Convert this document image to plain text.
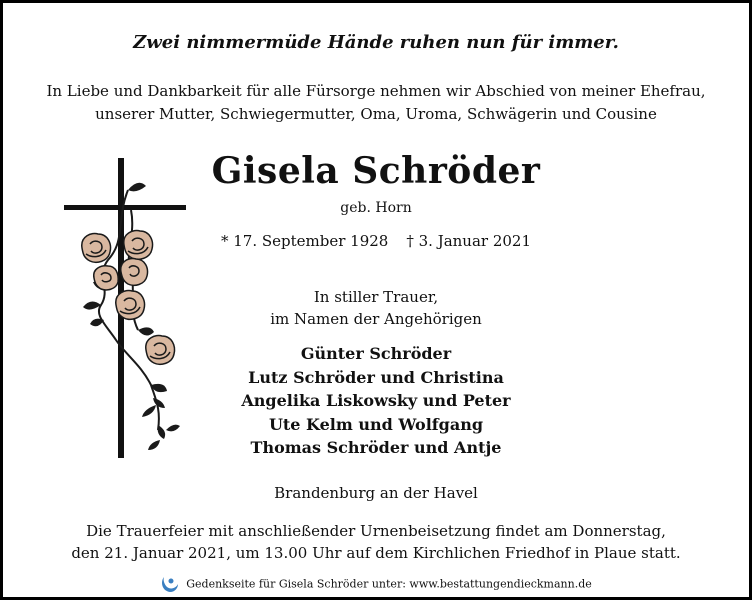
Zwei nimmermüde Hände ruhen nun für immer.
In Liebe und Dankbarkeit für alle Fürsorge nehmen wir Abschied von meiner Ehefrau,
unserer Mutter, Schwiegermutter, Oma, Uroma, Schwägerin und Cousine
Gisela Schröder
geb. Horn
* 17. September 1928 † 3. Januar 2021
In stiller Trauer,
im Namen der Angehörigen
Günter Schröder
Lutz Schröder und Christina
Angelika Liskowsky und Peter
Ute Kelm und Wolfgang
Thomas Schröder und Antje
Brandenburg an der Havel
Die Trauerfeier mit anschließender Urnenbeisetzung findet am Donnerstag,
den 21. Januar 2021, um 13.00 Uhr auf dem Kirchlichen Friedhof in Plaue statt.
Gedenkseite für Gisela Schröder unter: www.bestattungendieckmann.de
